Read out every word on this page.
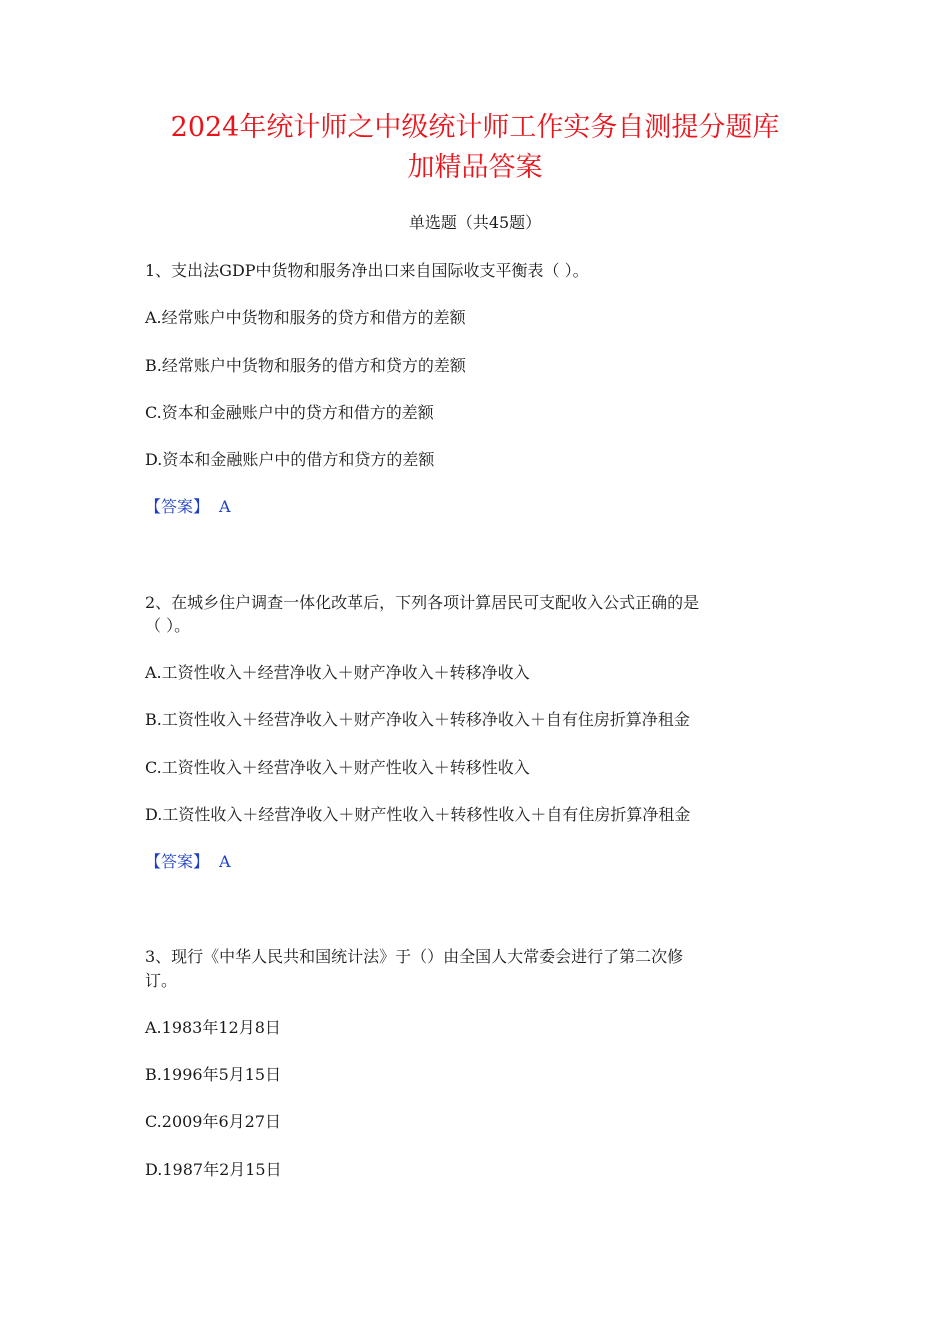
2024年统计师之中级统计师工作实务自测提分题库
加精品答案
单选题（共45题）
1、支出法GDP中货物和服务净出口来自国际收支平衡表（ ）。
A.经常账户中货物和服务的贷方和借方的差额
B.经常账户中货物和服务的借方和贷方的差额
C.资本和金融账户中的贷方和借方的差额
D.资本和金融账户中的借方和贷方的差额
【答案】 A
2、在城乡住户调查一体化改革后，下列各项计算居民可支配收入公式正确的是
（ ）。
A.工资性收入＋经营净收入＋财产净收入＋转移净收入
B.工资性收入＋经营净收入＋财产净收入＋转移净收入＋自有住房折算净租金
C.工资性收入＋经营净收入＋财产性收入＋转移性收入
D.工资性收入＋经营净收入＋财产性收入＋转移性收入＋自有住房折算净租金
【答案】 A
3、现行《中华人民共和国统计法》于（）由全国人大常委会进行了第二次修
订。
A.1983年12月8日
B.1996年5月15日
C.2009年6月27日
D.1987年2月15日
